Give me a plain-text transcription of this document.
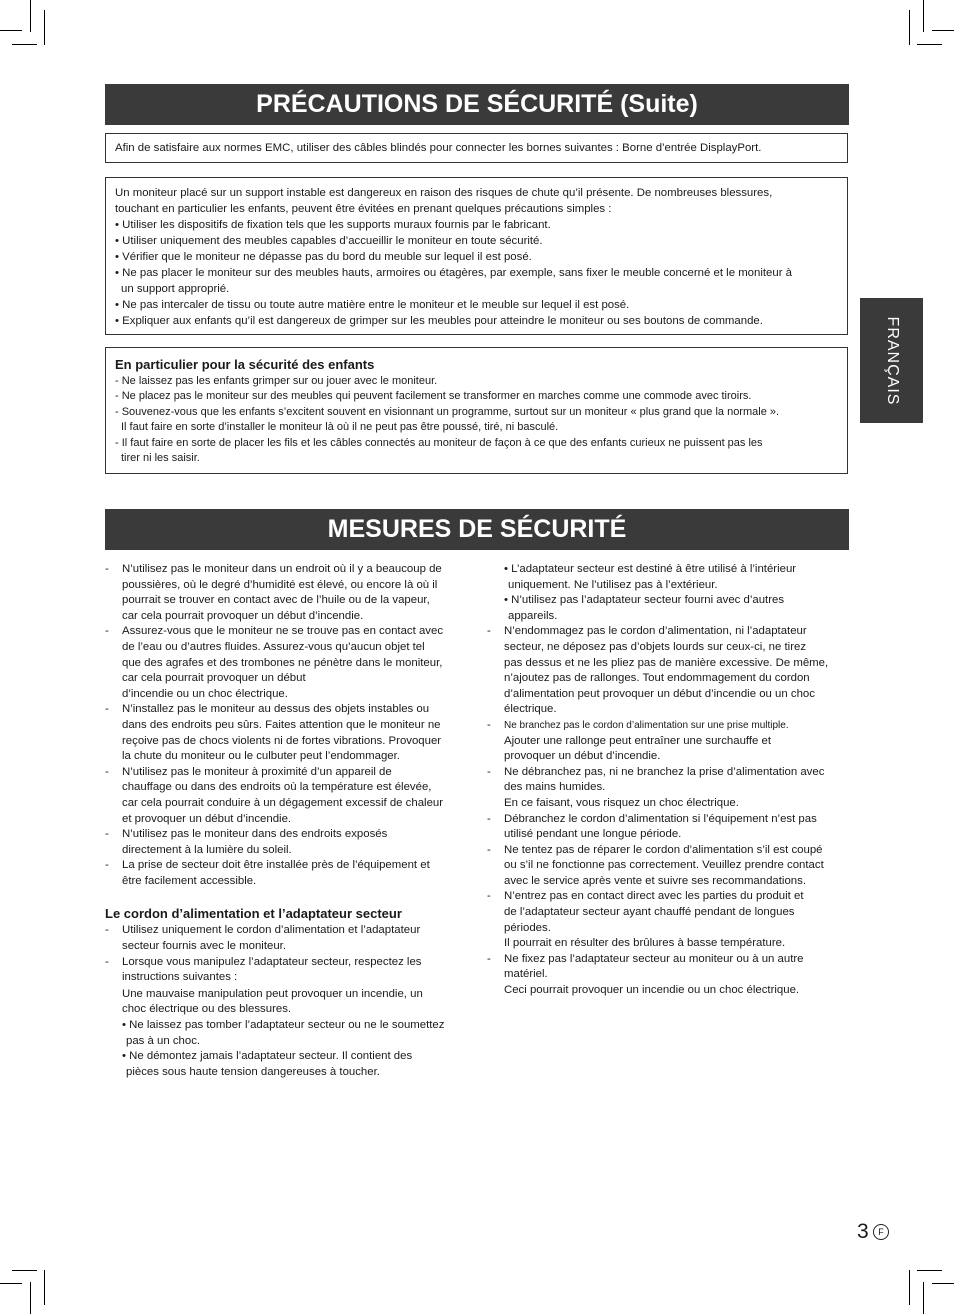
PRÉCAUTIONS DE SÉCURITÉ (Suite)

Afin de satisfaire aux normes EMC, utiliser des câbles blindés pour connecter les bornes suivantes : Borne d’entrée DisplayPort.

Un moniteur placé sur un support instable est dangereux en raison des risques de chute qu’il présente. De nombreuses blessures,

touchant en particulier les enfants, peuvent être évitées en prenant quelques précautions simples :

• Utiliser les dispositifs de fixation tels que les supports muraux fournis par le fabricant.

• Utiliser uniquement des meubles capables d’accueillir le moniteur en toute sécurité.

• Vérifier que le moniteur ne dépasse pas du bord du meuble sur lequel il est posé.

• Ne pas placer le moniteur sur des meubles hauts, armoires ou étagères, par exemple, sans fixer le meuble concerné et le moniteur à

un support approprié.

• Ne pas intercaler de tissu ou toute autre matière entre le moniteur et le meuble sur lequel il est posé.

• Expliquer aux enfants qu’il est dangereux de grimper sur les meubles pour atteindre le moniteur ou ses boutons de commande.

En particulier pour la sécurité des enfants

- Ne laissez pas les enfants grimper sur ou jouer avec le moniteur.

- Ne placez pas le moniteur sur des meubles qui peuvent facilement se transformer en marches comme une commode avec tiroirs.

- Souvenez-vous que les enfants s’excitent souvent en visionnant un programme, surtout sur un moniteur « plus grand que la normale ».

Il faut faire en sorte d’installer le moniteur là où il ne peut pas être poussé, tiré, ni basculé.

- Il faut faire en sorte de placer les fils et les câbles connectés au moniteur de façon à ce que des enfants curieux ne puissent pas les

tirer ni les saisir.

FRANÇAIS
MESURES DE SÉCURITÉ
- N’utilisez pas le moniteur dans un endroit où il y a beaucoup de
poussières, où le degré d’humidité est élevé, ou encore là où il
pourrait se trouver en contact avec de l’huile ou de la vapeur,
car cela pourrait provoquer un début d’incendie.
- Assurez-vous que le moniteur ne se trouve pas en contact avec
de l’eau ou d’autres fluides. Assurez-vous qu’aucun objet tel
que des agrafes et des trombones ne pénètre dans le moniteur,
car cela pourrait provoquer un début
d’incendie ou un choc électrique.
- N’installez pas le moniteur au dessus des objets instables ou
dans des endroits peu sûrs. Faites attention que le moniteur ne
reçoive pas de chocs violents ni de fortes vibrations. Provoquer
la chute du moniteur ou le culbuter peut l’endommager.
- N’utilisez pas le moniteur à proximité d’un appareil de
chauffage ou dans des endroits où la température est élevée,
car cela pourrait conduire à un dégagement excessif de chaleur
et provoquer un début d’incendie.
- N’utilisez pas le moniteur dans des endroits exposés
directement à la lumière du soleil.
- La prise de secteur doit être installée près de l’équipement et
être facilement accessible.
Le cordon d’alimentation et l’adaptateur secteur
- Utilisez uniquement le cordon d’alimentation et l’adaptateur
secteur fournis avec le moniteur.
- Lorsque vous manipulez l’adaptateur secteur, respectez les
instructions suivantes :
Une mauvaise manipulation peut provoquer un incendie, un
choc électrique ou des blessures.
• Ne laissez pas tomber l’adaptateur secteur ou ne le soumettez
pas à un choc.
• Ne démontez jamais l’adaptateur secteur. Il contient des
pièces sous haute tension dangereuses à toucher.
• L’adaptateur secteur est destiné à être utilisé à l’intérieur
uniquement. Ne l’utilisez pas à l’extérieur.
• N’utilisez pas l’adaptateur secteur fourni avec d’autres
appareils.
- N’endommagez pas le cordon d’alimentation, ni l’adaptateur
secteur, ne déposez pas d’objets lourds sur ceux-ci, ne tirez
pas dessus et ne les pliez pas de manière excessive. De même,
n’ajoutez pas de rallonges. Tout endommagement du cordon
d’alimentation peut provoquer un début d’incendie ou un choc
électrique.
- Ne branchez pas le cordon d’alimentation sur une prise multiple.
Ajouter une rallonge peut entraîner une surchauffe et
provoquer un début d’incendie.
- Ne débranchez pas, ni ne branchez la prise d’alimentation avec
des mains humides.
En ce faisant, vous risquez un choc électrique.
- Débranchez le cordon d’alimentation si l’équipement n’est pas
utilisé pendant une longue période.
- Ne tentez pas de réparer le cordon d’alimentation s’il est coupé
ou s’il ne fonctionne pas correctement. Veuillez prendre contact
avec le service après vente et suivre ses recommandations.
- N’entrez pas en contact direct avec les parties du produit et
de l’adaptateur secteur ayant chauffé pendant de longues
périodes.
Il pourrait en résulter des brûlures à basse température.
- Ne fixez pas l’adaptateur secteur au moniteur ou à un autre
matériel.
Ceci pourrait provoquer un incendie ou un choc électrique.
3	F
